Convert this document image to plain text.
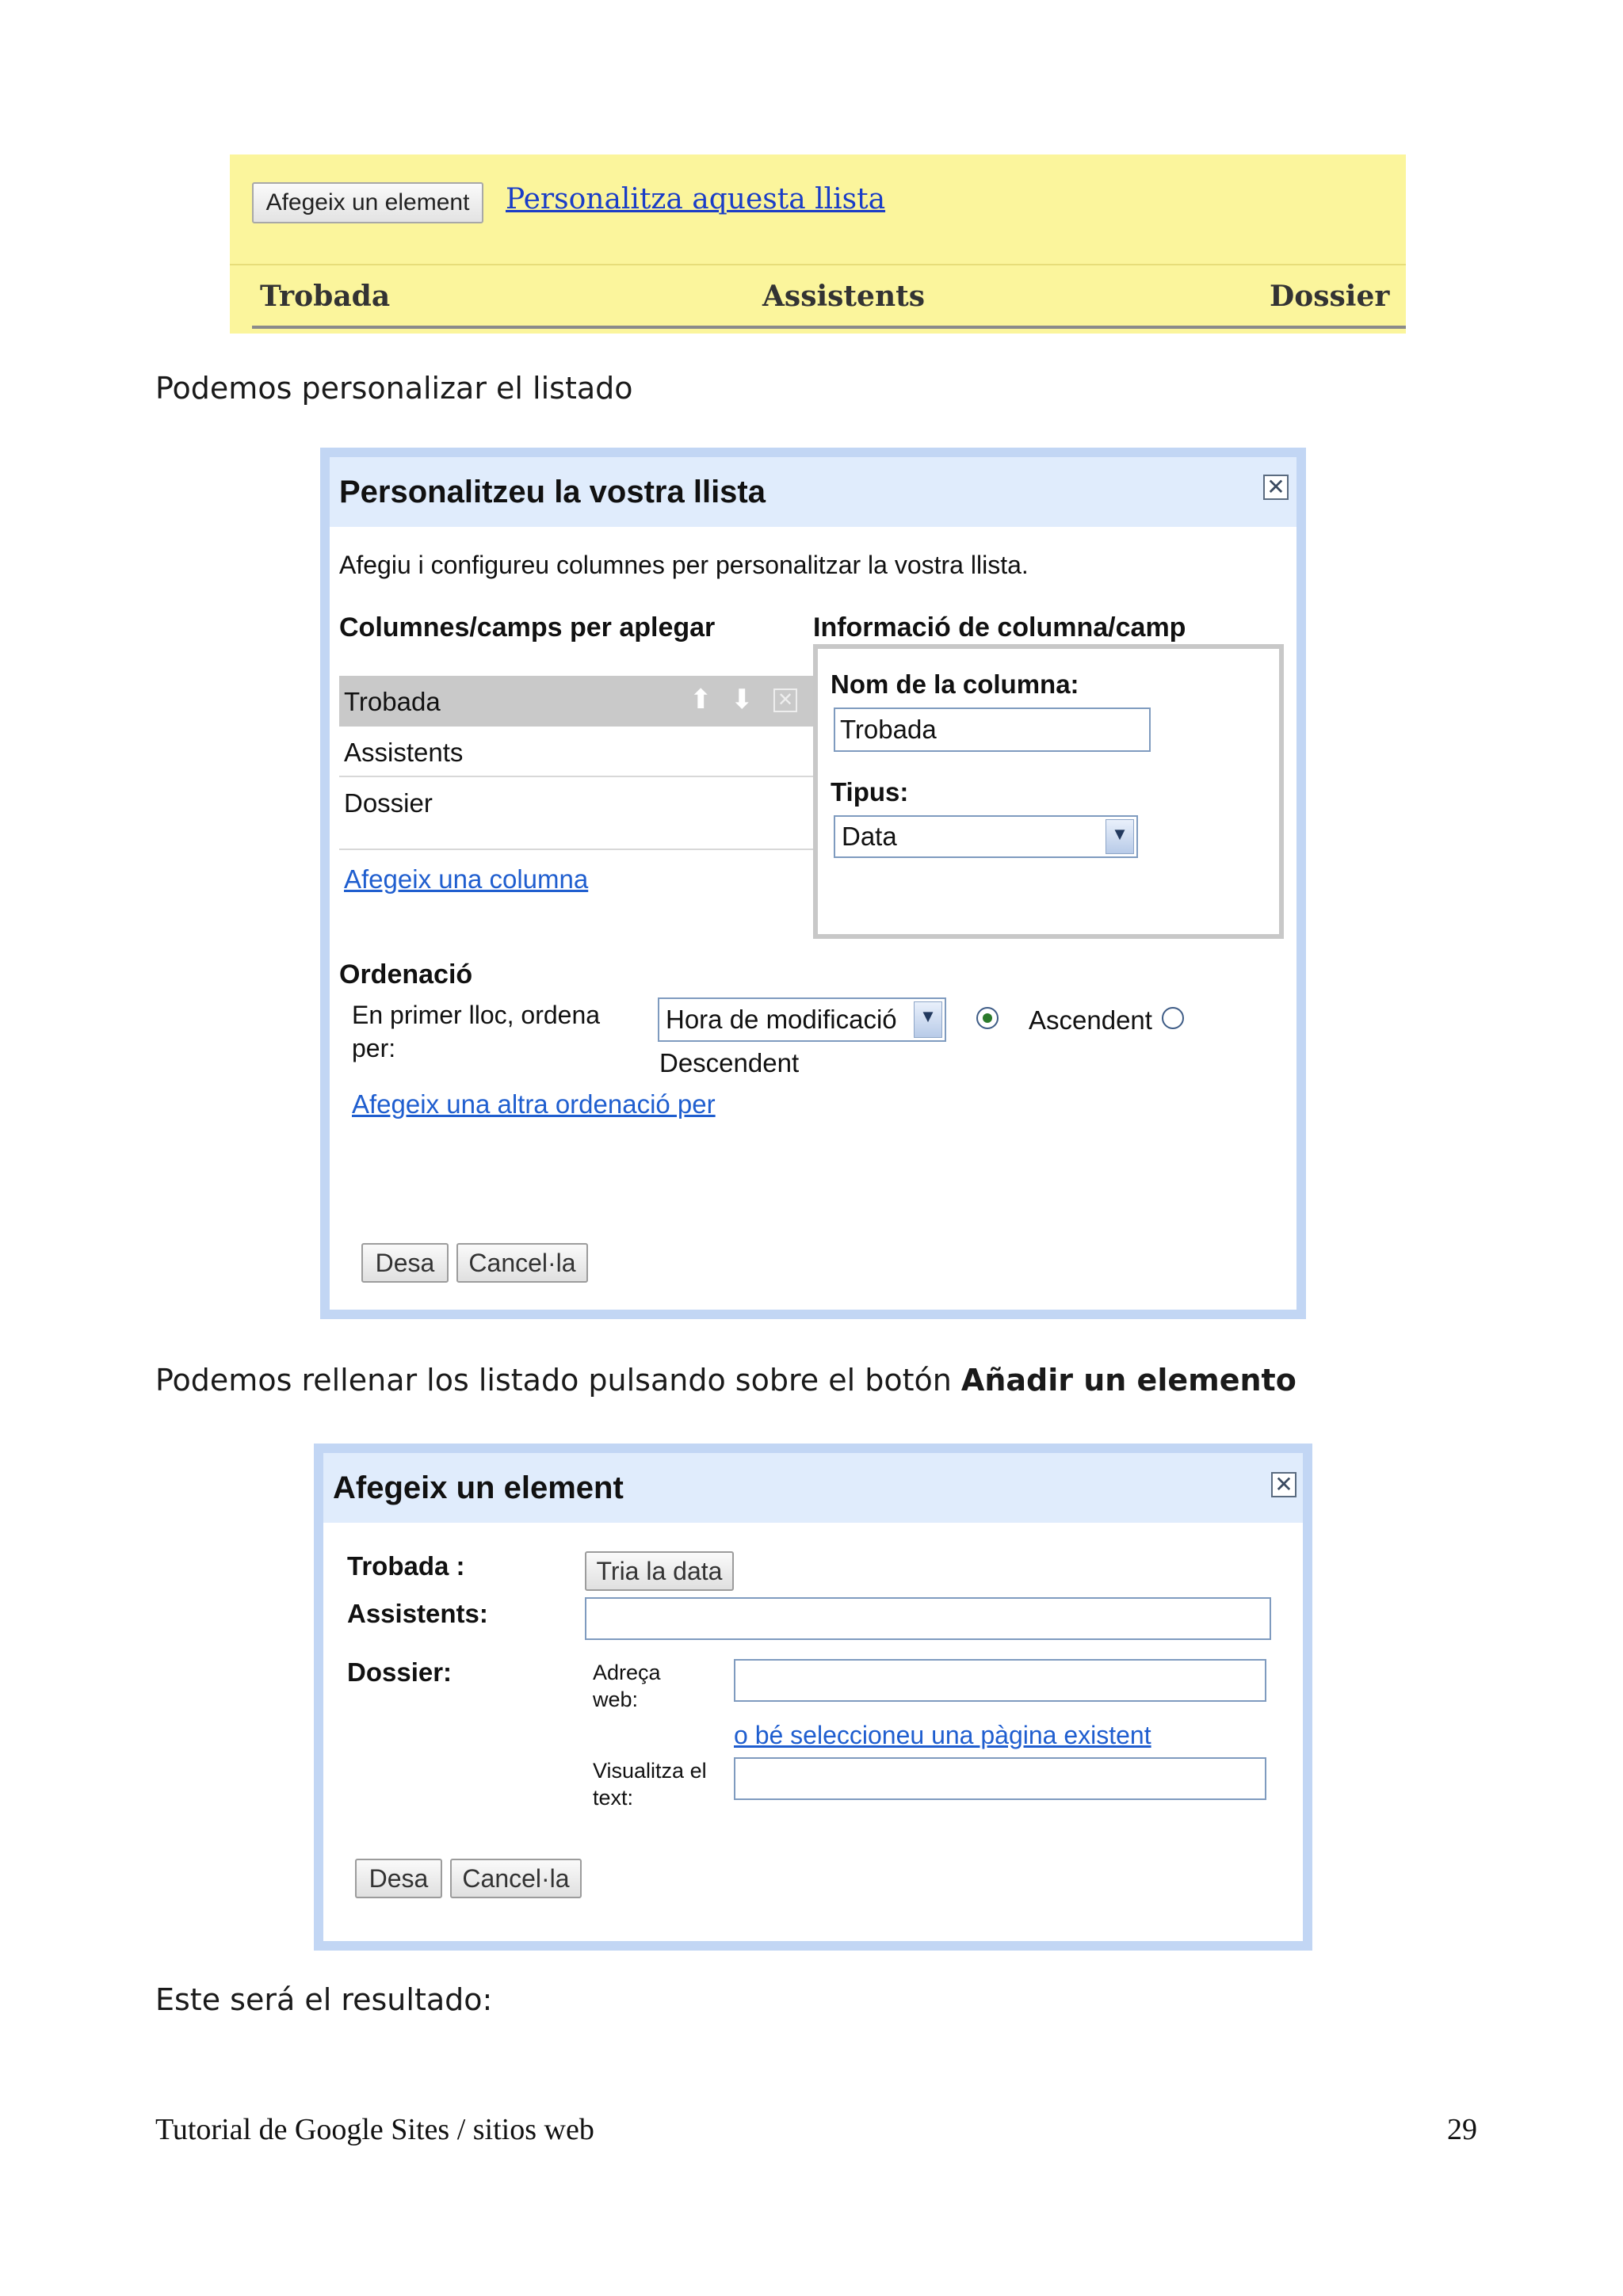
Afegeix un element	Personalitza aquesta llista
Trobada	Assistents	Dossier
Podemos personalizar el listado
Personalitzeu la vostra llista	✕
Afegiu i configureu columnes per personalitzar la vostra llista.
Columnes/camps per aplegar	Informació de columna/camp
Trobada	⬆ ⬇ ✕
Assistents
Dossier
Afegeix una columna
Nom de la columna:
Trobada
Tipus:
Data	▼
Ordenació
En primer lloc, ordena
per:
Hora de modificació	▼	Ascendent
Descendent
Afegeix una altra ordenació per
Desa	Cancel·la
Podemos rellenar los listado pulsando sobre el botón Añadir un elemento
Afegeix un element	✕
Trobada :	Tria la data
Assistents:
Dossier:	Adreça
web:
o bé seleccioneu una pàgina existent
Visualitza el
text:
Desa	Cancel·la
Este será el resultado:
Tutorial de Google Sites / sitios web	29
